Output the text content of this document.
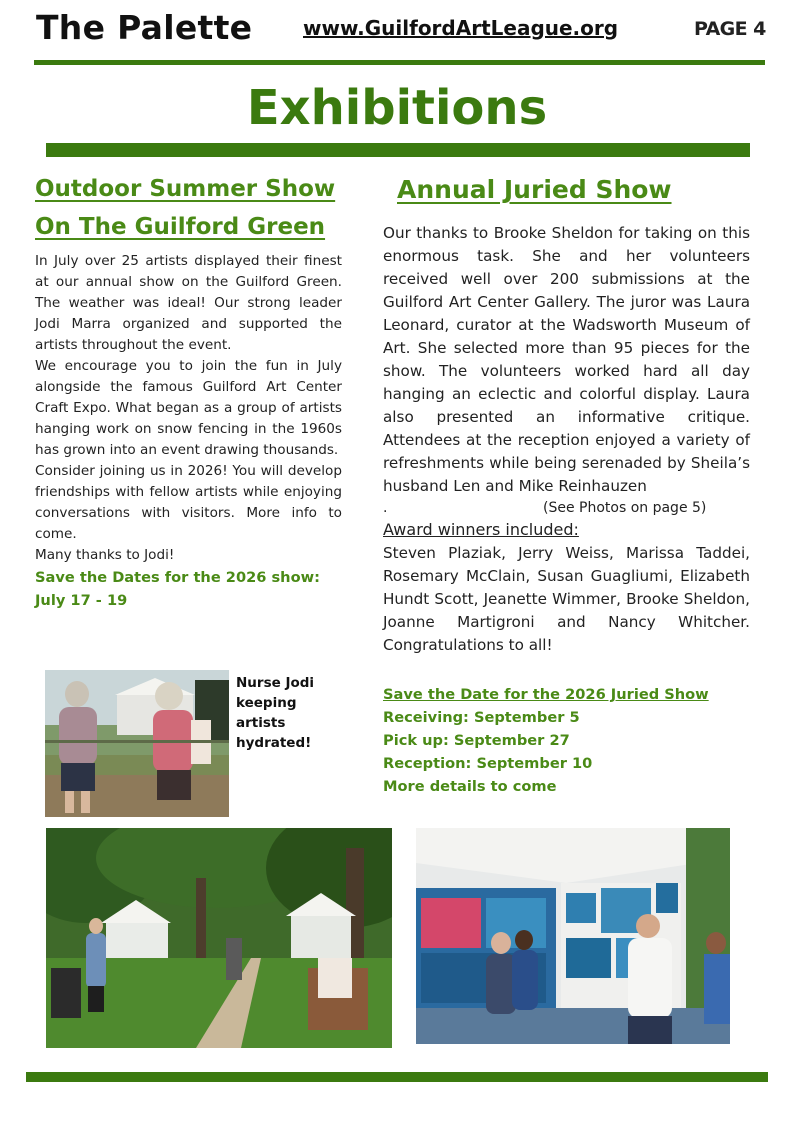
The Palette	www.GuilfordArtLeague.org	PAGE 4
Exhibitions
Outdoor Summer Show
On The Guilford Green

In July over 25 artists displayed their finest at our annual show on the Guilford Green. The weather was ideal! Our strong leader Jodi Marra organized and supported the artists throughout the event.

We encourage you to join the fun in July alongside the famous Guilford Art Center Craft Expo. What began as a group of artists hanging work on snow fencing in the 1960s has grown into an event drawing thousands.

Consider joining us in 2026! You will develop friendships with fellow artists while enjoying conversations with visitors. More info to come.

Many thanks to Jodi!

Save the Dates for the 2026 show:
July 17 - 19
Nurse Jodi keeping artists hydrated!
Annual Juried Show
Our thanks to Brooke Sheldon for taking on this enormous task. She and her volunteers received well over 200 submissions at the Guilford Art Center Gallery. The juror was Laura Leonard, curator at the Wadsworth Museum of Art. She selected more than 95 pieces for the show. The volunteers worked hard all day hanging an eclectic and colorful display. Laura also presented an informative critique. Attendees at the reception enjoyed a variety of refreshments while being serenaded by Sheila’s husband Len and Mike Reinhauzen
.	(See Photos on page 5)
Award winners included:
Steven Plaziak, Jerry Weiss, Marissa Taddei, Rosemary McClain, Susan Guagliumi, Elizabeth Hundt Scott, Jeanette Wimmer, Brooke Sheldon, Joanne Martigroni and Nancy Whitcher. Congratulations to all!
Save the Date for the 2026 Juried Show
Receiving: September 5
Pick up: September 27
Reception: September 10
More details to come
